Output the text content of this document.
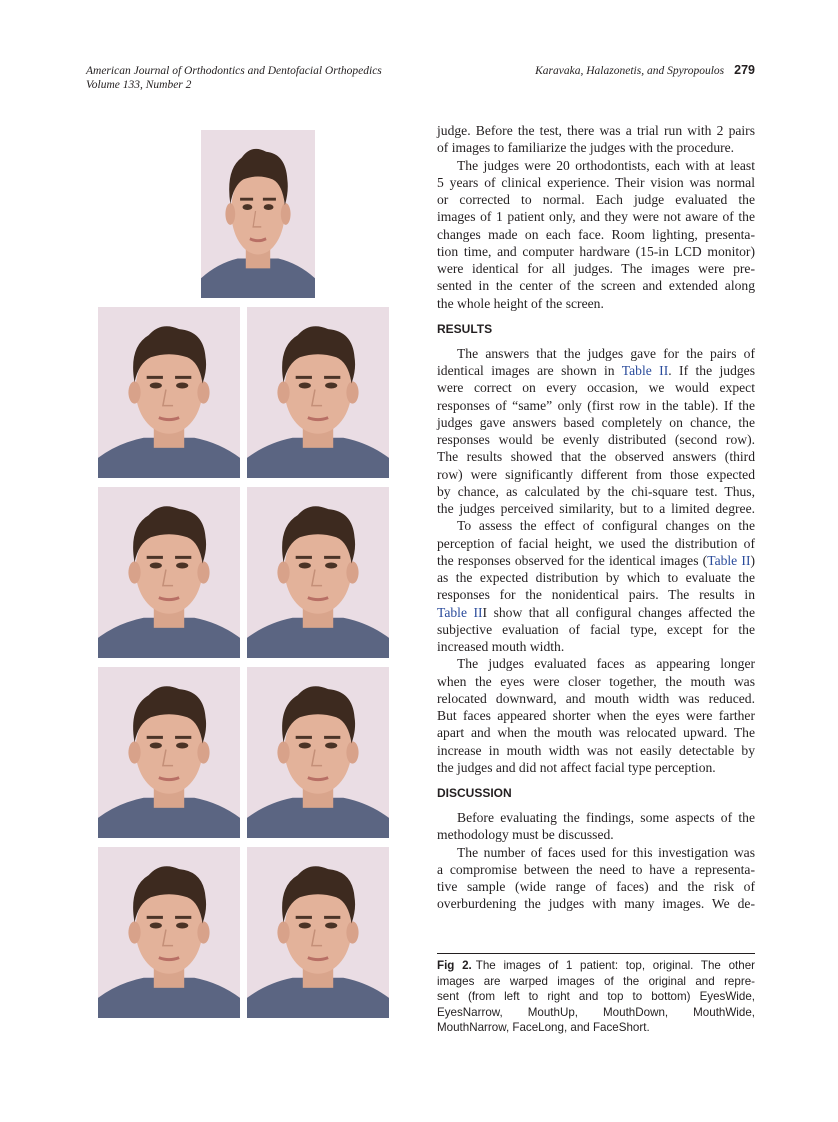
American Journal of Orthodontics and Dentofacial Orthopedics
Volume 133, Number 2
Karavaka, Halazonetis, and Spyropoulos 279
judge. Before the test, there was a trial run with 2 pairs
of images to familiarize the judges with the procedure.
The judges were 20 orthodontists, each with at least
5 years of clinical experience. Their vision was normal
or corrected to normal. Each judge evaluated the
images of 1 patient only, and they were not aware of the
changes made on each face. Room lighting, presenta-
tion time, and computer hardware (15-in LCD monitor)
were identical for all judges. The images were pre-
sented in the center of the screen and extended along
the whole height of the screen.
RESULTS
The answers that the judges gave for the pairs of
identical images are shown in Table II. If the judges
were correct on every occasion, we would expect
responses of “same” only (first row in the table). If the
judges gave answers based completely on chance, the
responses would be evenly distributed (second row).
The results showed that the observed answers (third
row) were significantly different from those expected
by chance, as calculated by the chi-square test. Thus,
the judges perceived similarity, but to a limited degree.
To assess the effect of configural changes on the
perception of facial height, we used the distribution of
the responses observed for the identical images (Table II)
as the expected distribution by which to evaluate the
responses for the nonidentical pairs. The results in
Table III show that all configural changes affected the
subjective evaluation of facial type, except for the
increased mouth width.
The judges evaluated faces as appearing longer
when the eyes were closer together, the mouth was
relocated downward, and mouth width was reduced.
But faces appeared shorter when the eyes were farther
apart and when the mouth was relocated upward. The
increase in mouth width was not easily detectable by
the judges and did not affect facial type perception.
DISCUSSION
Before evaluating the findings, some aspects of the
methodology must be discussed.
The number of faces used for this investigation was
a compromise between the need to have a representa-
tive sample (wide range of faces) and the risk of
overburdening the judges with many images. We de-
Fig 2. The images of 1 patient: top, original. The other
images are warped images of the original and repre-
sent (from left to right and top to bottom) EyesWide,
EyesNarrow, MouthUp, MouthDown, MouthWide,
MouthNarrow, FaceLong, and FaceShort.
